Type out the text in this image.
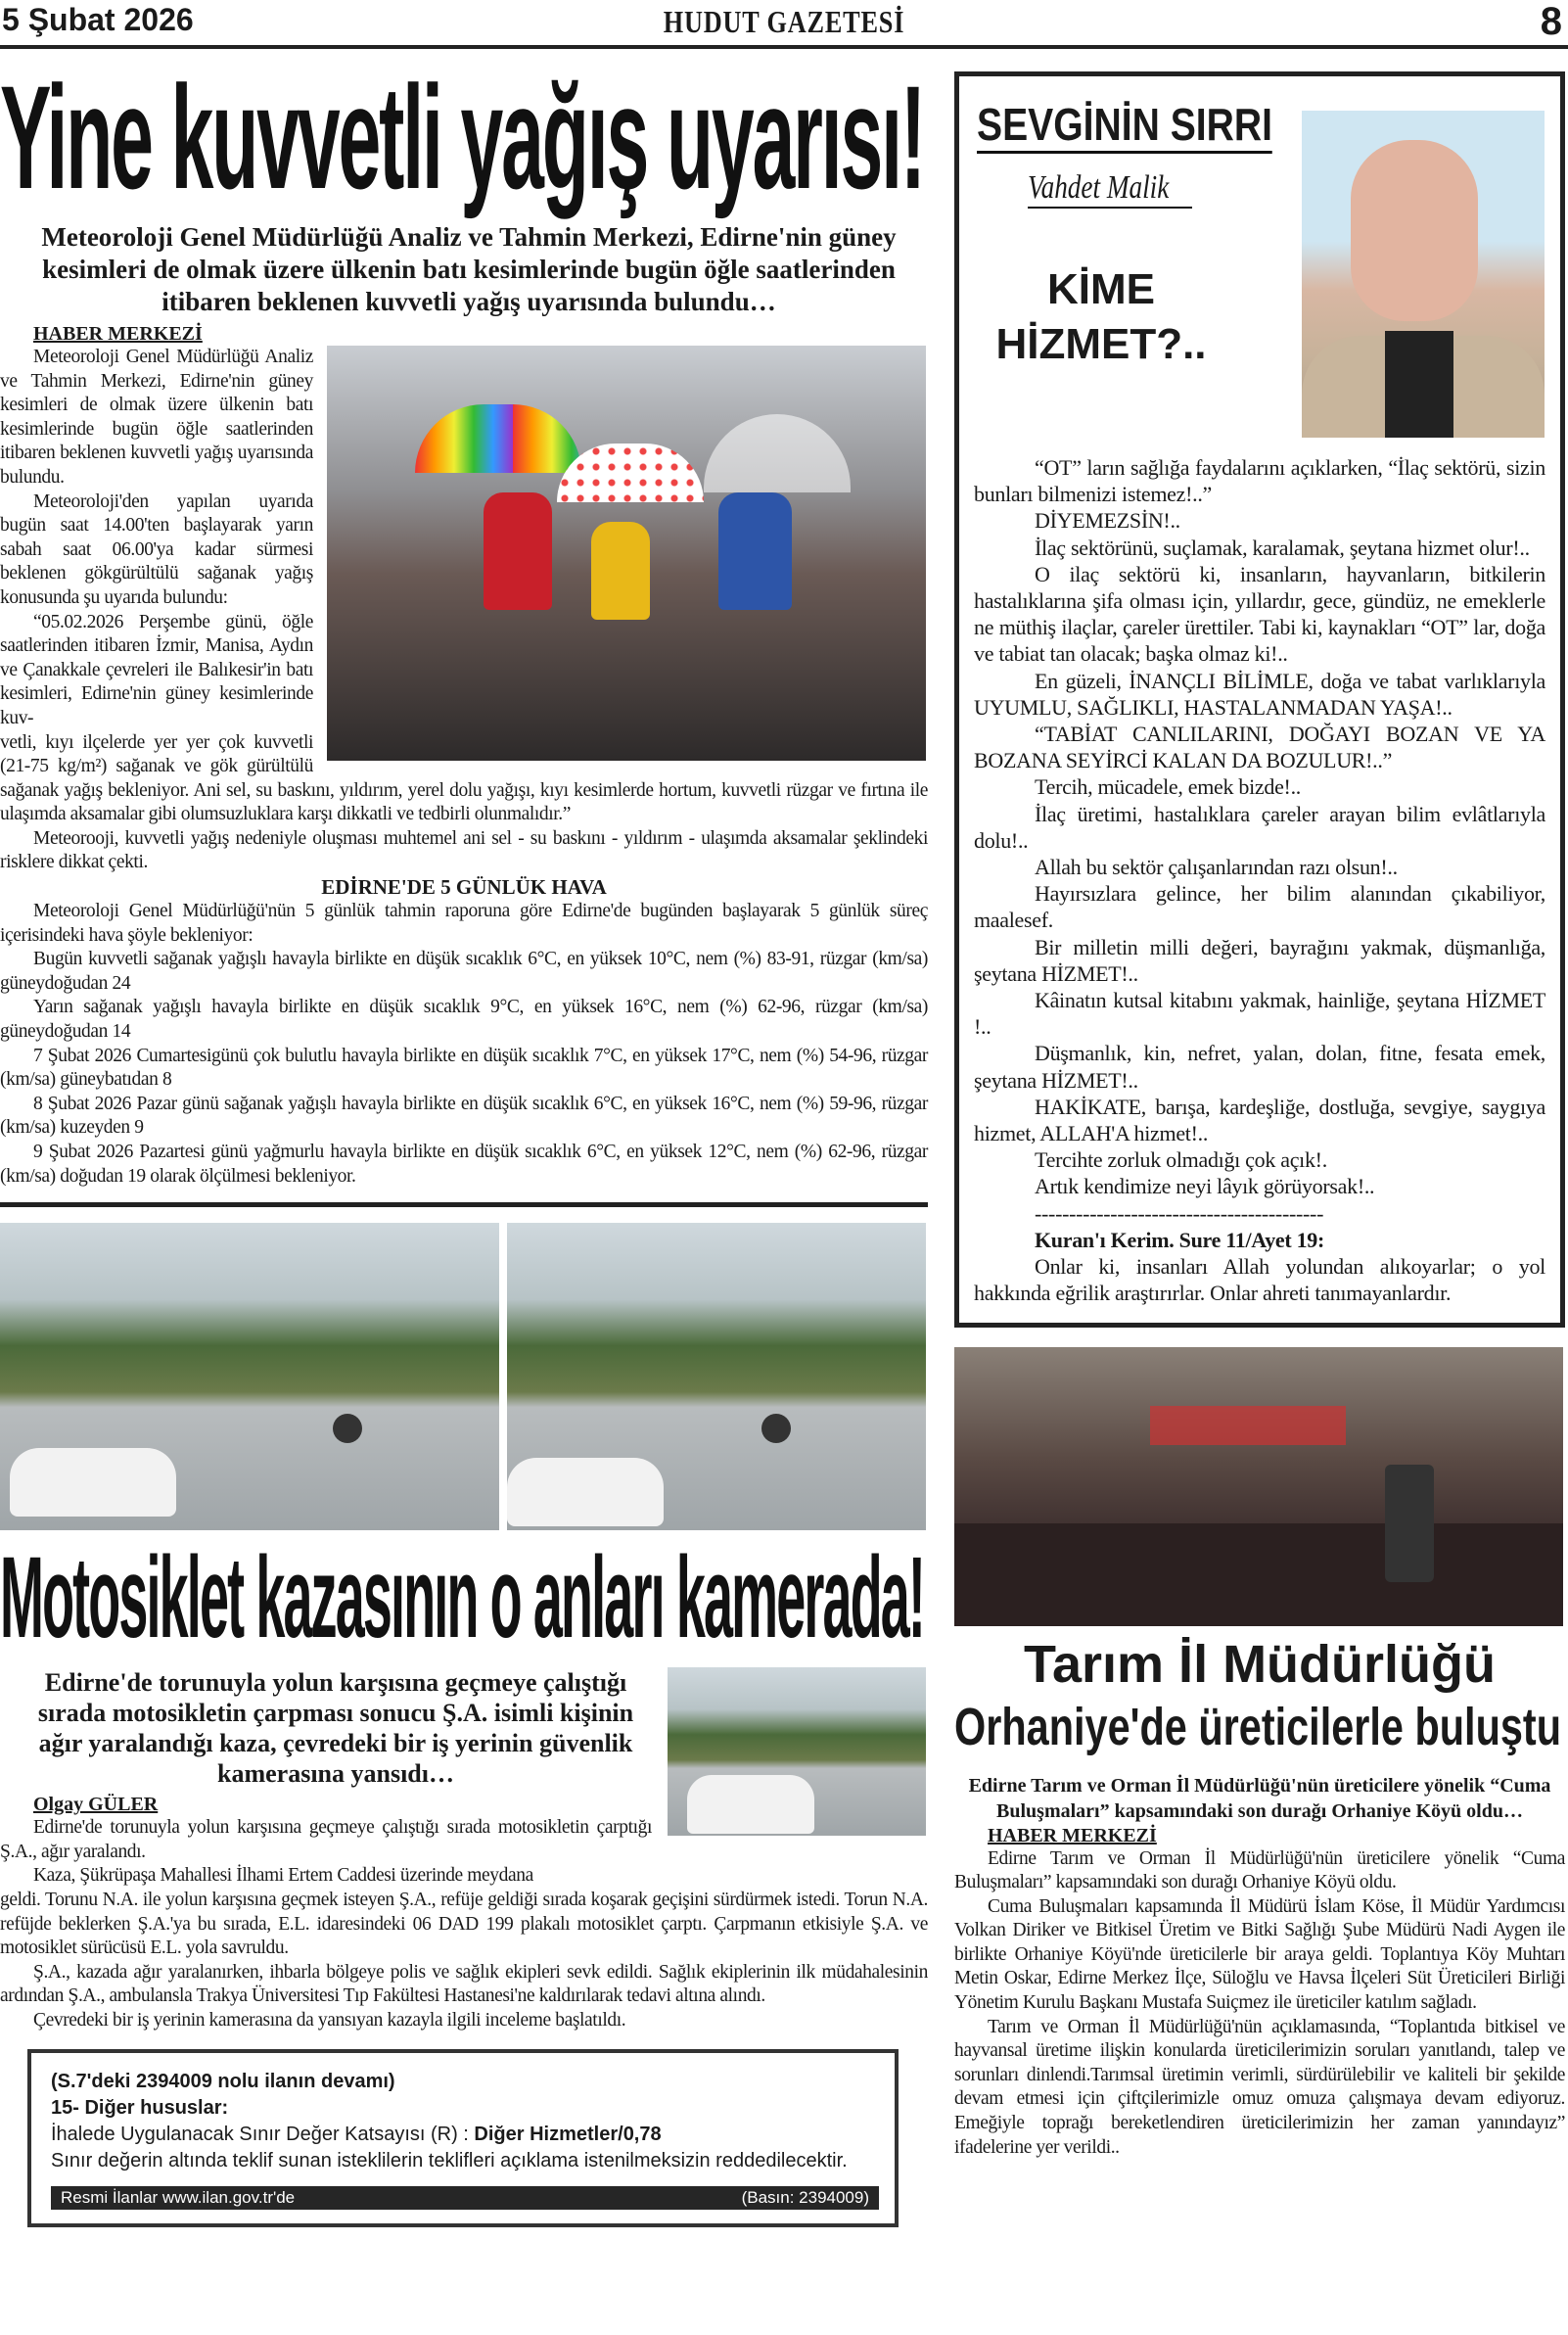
5 Şubat 2026	HUDUT GAZETESİ	8
Yine kuvvetli yağış uyarısı!
Meteoroloji Genel Müdürlüğü Analiz ve Tahmin Merkezi, Edirne'nin güney kesimleri de olmak üzere ülkenin batı kesimlerinde bugün öğle saatlerinden itibaren beklenen kuvvetli yağış uyarısında bulundu…
HABER MERKEZİ

Meteoroloji Genel Müdürlüğü Analiz ve Tahmin Merkezi, Edirne'nin güney kesimleri de olmak üzere ülkenin batı kesimlerinde bugün öğle saatlerinden itibaren beklenen kuvvetli yağış uyarısında bulundu.

Meteoroloji'den yapılan uyarıda bugün saat 14.00'ten başlayarak yarın sabah saat 06.00'ya kadar sürmesi beklenen gökgürültülü sağanak yağış konusunda şu uyarıda bulundu:

“05.02.2026 Perşembe günü, öğle saatlerinden itibaren İzmir, Manisa, Aydın ve Çanakkale çevreleri ile Balıkesir'in batı kesimleri, Edirne'nin güney kesimlerinde kuv-

vetli, kıyı ilçelerde yer yer çok kuvvetli (21-75 kg/m²) sağanak ve gök gürültülü sağanak yağış bekleniyor. Ani sel, su baskını, yıldırım, yerel dolu yağışı, kıyı kesimlerde hortum, kuvvetli rüzgar ve fırtına ile ulaşımda aksamalar gibi olumsuzluklara karşı dikkatli ve tedbirli olunmalıdır.”

Meteorooji, kuvvetli yağış nedeniyle oluşması muhtemel ani sel - su baskını - yıldırım - ulaşımda aksamalar şeklindeki risklere dikkat çekti.

EDİRNE'DE 5 GÜNLÜK HAVA

Meteoroloji Genel Müdürlüğü'nün 5 günlük tahmin raporuna göre Edirne'de bugünden başlayarak 5 günlük süreç içerisindeki hava şöyle bekleniyor:

Bugün kuvvetli sağanak yağışlı havayla birlikte en düşük sıcaklık 6°C, en yüksek 10°C, nem (%) 83-91, rüzgar (km/sa) güneydoğudan 24

Yarın sağanak yağışlı havayla birlikte en düşük sıcaklık 9°C, en yüksek 16°C, nem (%) 62-96, rüzgar (km/sa) güneydoğudan 14

7 Şubat 2026 Cumartesigünü çok bulutlu havayla birlikte en düşük sıcaklık 7°C, en yüksek 17°C, nem (%) 54-96, rüzgar (km/sa) güneybatıdan 8

8 Şubat 2026 Pazar günü sağanak yağışlı havayla birlikte en düşük sıcaklık 6°C, en yüksek 16°C, nem (%) 59-96, rüzgar (km/sa) kuzeyden 9

9 Şubat 2026 Pazartesi günü yağmurlu havayla birlikte en düşük sıcaklık 6°C, en yüksek 12°C, nem (%) 62-96, rüzgar (km/sa) doğudan 19 olarak ölçülmesi bekleniyor.

Motosiklet kazasının o anları kamerada!
Edirne'de torunuyla yolun karşısına geçmeye çalıştığı sırada motosikletin çarpması sonucu Ş.A. isimli kişinin ağır yaralandığı kaza, çevredeki bir iş yerinin güvenlik kamerasına yansıdı…
Olgay GÜLER

Edirne'de torunuyla yolun karşısına geçmeye çalıştığı sırada motosikletin çarptığı Ş.A., ağır yaralandı.

Kaza, Şükrüpaşa Mahallesi İlhami Ertem Caddesi üzerinde meydana

geldi. Torunu N.A. ile yolun karşısına geçmek isteyen Ş.A., refüje geldiği sırada koşarak geçişini sürdürmek istedi. Torun N.A. refüjde beklerken Ş.A.'ya bu sırada, E.L. idaresindeki 06 DAD 199 plakalı motosiklet çarptı. Çarpmanın etkisiyle Ş.A. ve motosiklet sürücüsü E.L. yola savruldu.

Ş.A., kazada ağır yaralanırken, ihbarla bölgeye polis ve sağlık ekipleri sevk edildi. Sağlık ekiplerinin ilk müdahalesinin ardından Ş.A., ambulansla Trakya Üniversitesi Tıp Fakültesi Hastanesi'ne kaldırılarak tedavi altına alındı.

Çevredeki bir iş yerinin kamerasına da yansıyan kazayla ilgili inceleme başlatıldı.

(S.7'deki 2394009 nolu ilanın devamı)
15- Diğer hususlar:
İhalede Uygulanacak Sınır Değer Katsayısı (R) : Diğer Hizmetler/0,78
Sınır değerin altında teklif sunan isteklilerin teklifleri açıklama istenilmeksizin reddedilecektir.
Resmi İlanlar www.ilan.gov.tr'de	(Basın: 2394009)
SEVGİNİN SIRRI
Vahdet Malik
KİME
HİZMET?..

“OT” ların sağlığa faydalarını açıklarken, “İlaç sektörü, sizin bunları bilmenizi istemez!..”

DİYEMEZSİN!..

İlaç sektörünü, suçlamak, karalamak, şeytana hizmet olur!..

O ilaç sektörü ki, insanların, hayvanların, bitkilerin hastalıklarına şifa olması için, yıllardır, gece, gündüz, ne emeklerle ne müthiş ilaçlar, çareler ürettiler. Tabi ki, kaynakları “OT” lar, doğa ve tabiat tan olacak; başka olmaz ki!..

En güzeli, İNANÇLI BİLİMLE, doğa ve tabat varlıklarıyla UYUMLU, SAĞLIKLI, HASTALANMADAN YAŞA!..

“TABİAT CANLILARINI, DOĞAYI BOZAN VE YA BOZANA SEYİRCİ KALAN DA BOZULUR!..”

Tercih, mücadele, emek bizde!..

İlaç üretimi, hastalıklara çareler arayan bilim evlâtlarıyla dolu!..

Allah bu sektör çalışanlarından razı olsun!..

Hayırsızlara gelince, her bilim alanından çıkabiliyor, maalesef.

Bir milletin milli değeri, bayrağını yakmak, düşmanlığa, şeytana HİZMET!..

Kâinatın kutsal kitabını yakmak, hainliğe, şeytana HİZMET !..

Düşmanlık, kin, nefret, yalan, dolan, fitne, fesata emek, şeytana HİZMET!..

HAKİKATE, barışa, kardeşliğe, dostluğa, sevgiye, saygıya hizmet, ALLAH'A hizmet!..

Tercihte zorluk olmadığı çok açık!.

Artık kendimize neyi lâyık görüyorsak!..

------------------------------------------

Kuran'ı Kerim. Sure 11/Ayet 19:

Onlar ki, insanları Allah yolundan alıkoyarlar; o yol hakkında eğrilik araştırırlar. Onlar ahreti tanımayanlardır.

Tarım İl Müdürlüğü
Orhaniye'de üreticilerle buluştu
Edirne Tarım ve Orman İl Müdürlüğü'nün üreticilere yönelik “Cuma Buluşmaları” kapsamındaki son durağı Orhaniye Köyü oldu…
HABER MERKEZİ

Edirne Tarım ve Orman İl Müdürlüğü'nün üreticilere yönelik “Cuma Buluşmaları” kapsamındaki son durağı Orhaniye Köyü oldu.

Cuma Buluşmaları kapsamında İl Müdürü İslam Köse, İl Müdür Yardımcısı Volkan Diriker ve Bitkisel Üretim ve Bitki Sağlığı Şube Müdürü Nadi Aygen ile birlikte Orhaniye Köyü'nde üreticilerle bir araya geldi. Toplantıya Köy Muhtarı Metin Oskar, Edirne Merkez İlçe, Süloğlu ve Havsa İlçeleri Süt Üreticileri Birliği Yönetim Kurulu Başkanı Mustafa Suiçmez ile üreticiler katılım sağladı.

Tarım ve Orman İl Müdürlüğü'nün açıklamasında, “Toplantıda bitkisel ve hayvansal üretime ilişkin konularda üreticilerimizin soruları yanıtlandı, talep ve sorunları dinlendi.Tarımsal üretimin verimli, sürdürülebilir ve kaliteli bir şekilde devam etmesi için çiftçilerimizle omuz omuza çalışmaya devam ediyoruz. Emeğiyle toprağı bereketlendiren üreticilerimizin her zaman yanındayız” ifadelerine yer verildi..
